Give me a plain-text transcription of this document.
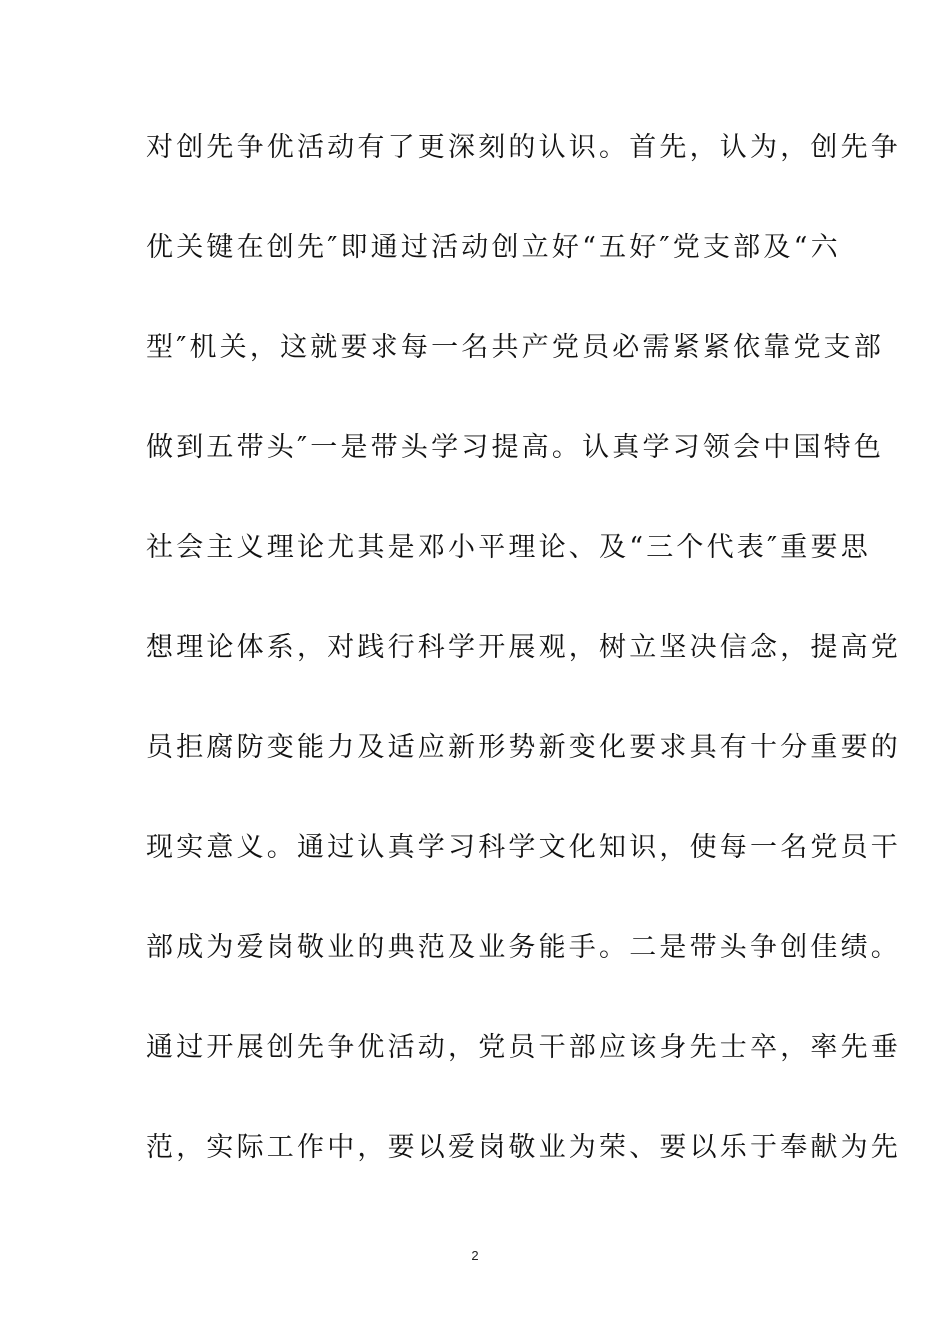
对创先争优活动有了更深刻的认识。首先，认为，创先争
优关键在创先″即通过活动创立好“五好″党支部及“六
型″机关，这就要求每一名共产党员必需紧紧依靠党支部
做到五带头″一是带头学习提高。认真学习领会中国特色
社会主义理论尤其是邓小平理论、及“三个代表″重要思
想理论体系，对践行科学开展观，树立坚决信念，提高党
员拒腐防变能力及适应新形势新变化要求具有十分重要的
现实意义。通过认真学习科学文化知识，使每一名党员干
部成为爱岗敬业的典范及业务能手。二是带头争创佳绩。
通过开展创先争优活动，党员干部应该身先士卒，率先垂
范，实际工作中，要以爱岗敬业为荣、要以乐于奉献为先
2
